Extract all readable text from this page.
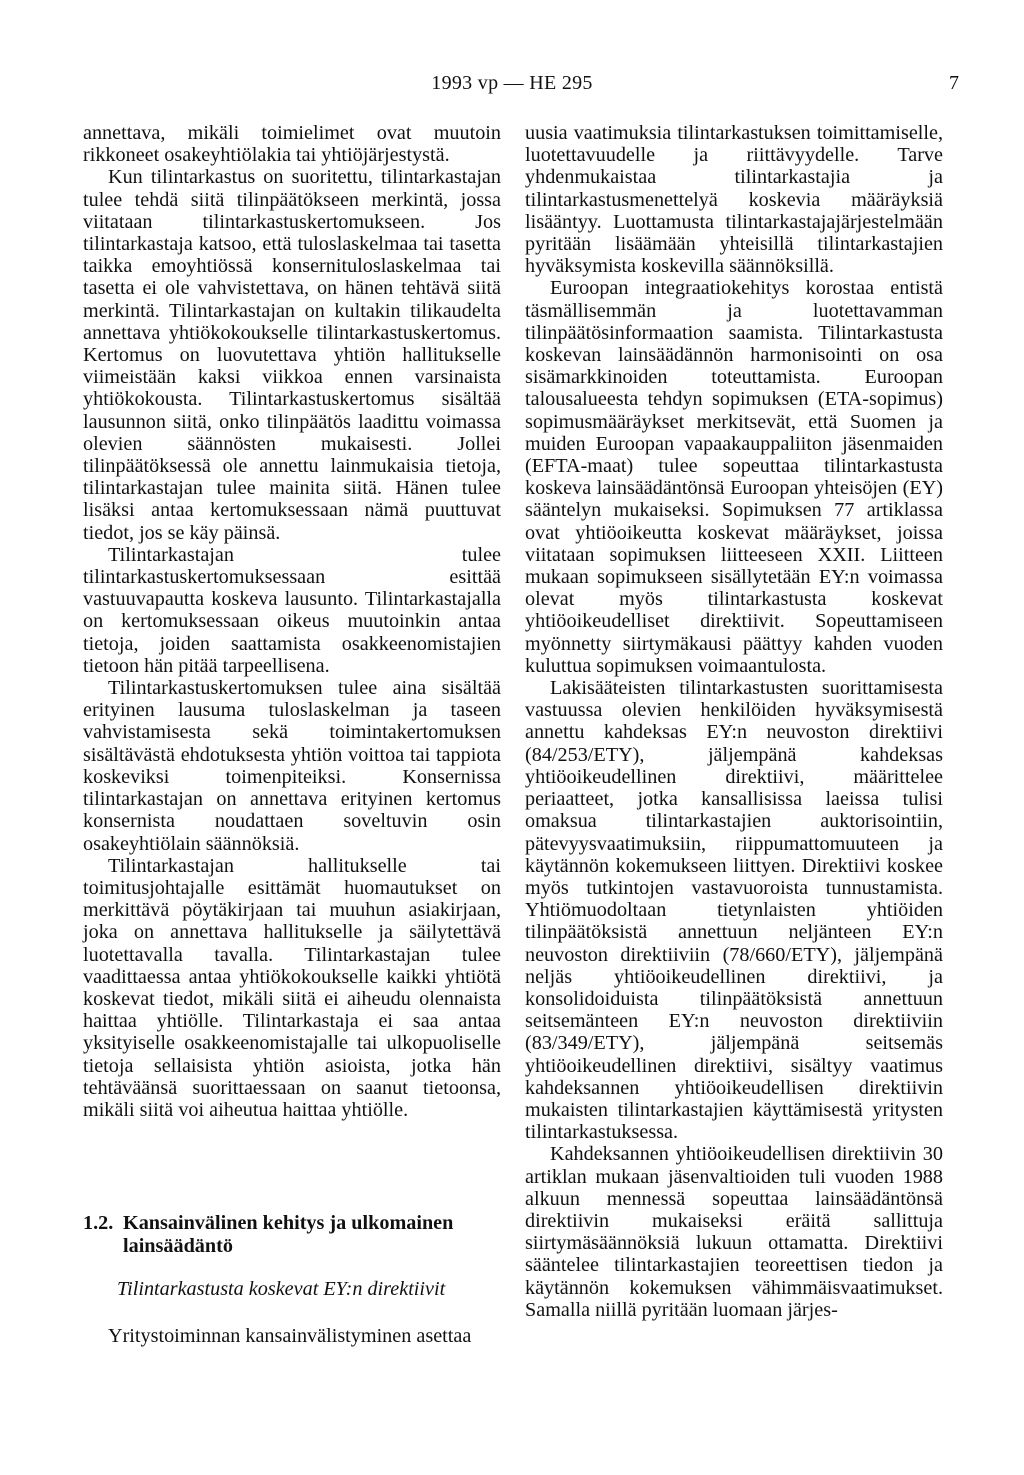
1993 vp — HE 295	7

annettava, mikäli toimielimet ovat muutoin rikkoneet osakeyhtiölakia tai yhtiöjärjestystä.

Kun tilintarkastus on suoritettu, tilintarkastajan tulee tehdä siitä tilinpäätökseen merkintä, jossa viitataan tilintarkastuskertomukseen. Jos tilintarkastaja katsoo, että tuloslaskelmaa tai tasetta taikka emoyhtiössä konsernituloslaskelmaa tai tasetta ei ole vahvistettava, on hänen tehtävä siitä merkintä. Tilintarkastajan on kultakin tilikaudelta annettava yhtiökokoukselle tilintarkastuskertomus. Kertomus on luovutettava yhtiön hallitukselle viimeistään kaksi viikkoa ennen varsinaista yhtiökokousta. Tilintarkastuskertomus sisältää lausunnon siitä, onko tilinpäätös laadittu voimassa olevien säännösten mukaisesti. Jollei tilinpäätöksessä ole annettu lainmukaisia tietoja, tilintarkastajan tulee mainita siitä. Hänen tulee lisäksi antaa kertomuksessaan nämä puuttuvat tiedot, jos se käy päinsä.

Tilintarkastajan tulee tilintarkastuskertomuksessaan esittää vastuuvapautta koskeva lausunto. Tilintarkastajalla on kertomuksessaan oikeus muutoinkin antaa tietoja, joiden saattamista osakkeenomistajien tietoon hän pitää tarpeellisena.

Tilintarkastuskertomuksen tulee aina sisältää erityinen lausuma tuloslaskelman ja taseen vahvistamisesta sekä toimintakertomuksen sisältävästä ehdotuksesta yhtiön voittoa tai tappiota koskeviksi toimenpiteiksi. Konsernissa tilintarkastajan on annettava erityinen kertomus konsernista noudattaen soveltuvin osin osakeyhtiölain säännöksiä.

Tilintarkastajan hallitukselle tai toimitusjohtajalle esittämät huomautukset on merkittävä pöytäkirjaan tai muuhun asiakirjaan, joka on annettava hallitukselle ja säilytettävä luotettavalla tavalla. Tilintarkastajan tulee vaadittaessa antaa yhtiökokoukselle kaikki yhtiötä koskevat tiedot, mikäli siitä ei aiheudu olennaista haittaa yhtiölle. Tilintarkastaja ei saa antaa yksityiselle osakkeenomistajalle tai ulkopuoliselle tietoja sellaisista yhtiön asioista, jotka hän tehtäväänsä suorittaessaan on saanut tietoonsa, mikäli siitä voi aiheutua haittaa yhtiölle.

1.2. Kansainvälinen kehitys ja ulkomainen lainsäädäntö
Tilintarkastusta koskevat EY:n direktiivit
Yritystoiminnan kansainvälistyminen asettaa

uusia vaatimuksia tilintarkastuksen toimittamiselle, luotettavuudelle ja riittävyydelle. Tarve yhdenmukaistaa tilintarkastajia ja tilintarkastusmenettelyä koskevia määräyksiä lisääntyy. Luottamusta tilintarkastajajärjestelmään pyritään lisäämään yhteisillä tilintarkastajien hyväksymista koskevilla säännöksillä.

Euroopan integraatiokehitys korostaa entistä täsmällisemmän ja luotettavamman tilinpäätösinformaation saamista. Tilintarkastusta koskevan lainsäädännön harmonisointi on osa sisämarkkinoiden toteuttamista. Euroopan talousalueesta tehdyn sopimuksen (ETA-sopimus) sopimusmääräykset merkitsevät, että Suomen ja muiden Euroopan vapaakauppaliiton jäsenmaiden (EFTA-maat) tulee sopeuttaa tilintarkastusta koskeva lainsäädäntönsä Euroopan yhteisöjen (EY) sääntelyn mukaiseksi. Sopimuksen 77 artiklassa ovat yhtiöoikeutta koskevat määräykset, joissa viitataan sopimuksen liitteeseen XXII. Liitteen mukaan sopimukseen sisällytetään EY:n voimassa olevat myös tilintarkastusta koskevat yhtiöoikeudelliset direktiivit. Sopeuttamiseen myönnetty siirtymäkausi päättyy kahden vuoden kuluttua sopimuksen voimaantulosta.

Lakisääteisten tilintarkastusten suorittamisesta vastuussa olevien henkilöiden hyväksymisestä annettu kahdeksas EY:n neuvoston direktiivi (84/253/ETY), jäljempänä kahdeksas yhtiöoikeudellinen direktiivi, määrittelee periaatteet, jotka kansallisissa laeissa tulisi omaksua tilintarkastajien auktorisointiin, pätevyysvaatimuksiin, riippumattomuuteen ja käytännön kokemukseen liittyen. Direktiivi koskee myös tutkintojen vastavuoroista tunnustamista. Yhtiömuodoltaan tietynlaisten yhtiöiden tilinpäätöksistä annettuun neljänteen EY:n neuvoston direktiiviin (78/660/ETY), jäljempänä neljäs yhtiöoikeudellinen direktiivi, ja konsolidoiduista tilinpäätöksistä annettuun seitsemänteen EY:n neuvoston direktiiviin (83/349/ETY), jäljempänä seitsemäs yhtiöoikeudellinen direktiivi, sisältyy vaatimus kahdeksannen yhtiöoikeudellisen direktiivin mukaisten tilintarkastajien käyttämisestä yritysten tilintarkastuksessa.

Kahdeksannen yhtiöoikeudellisen direktiivin 30 artiklan mukaan jäsenvaltioiden tuli vuoden 1988 alkuun mennessä sopeuttaa lainsäädäntönsä direktiivin mukaiseksi eräitä sallittuja siirtymäsäännöksiä lukuun ottamatta. Direktiivi sääntelee tilintarkastajien teoreettisen tiedon ja käytännön kokemuksen vähimmäisvaatimukset. Samalla niillä pyritään luomaan järjes-
